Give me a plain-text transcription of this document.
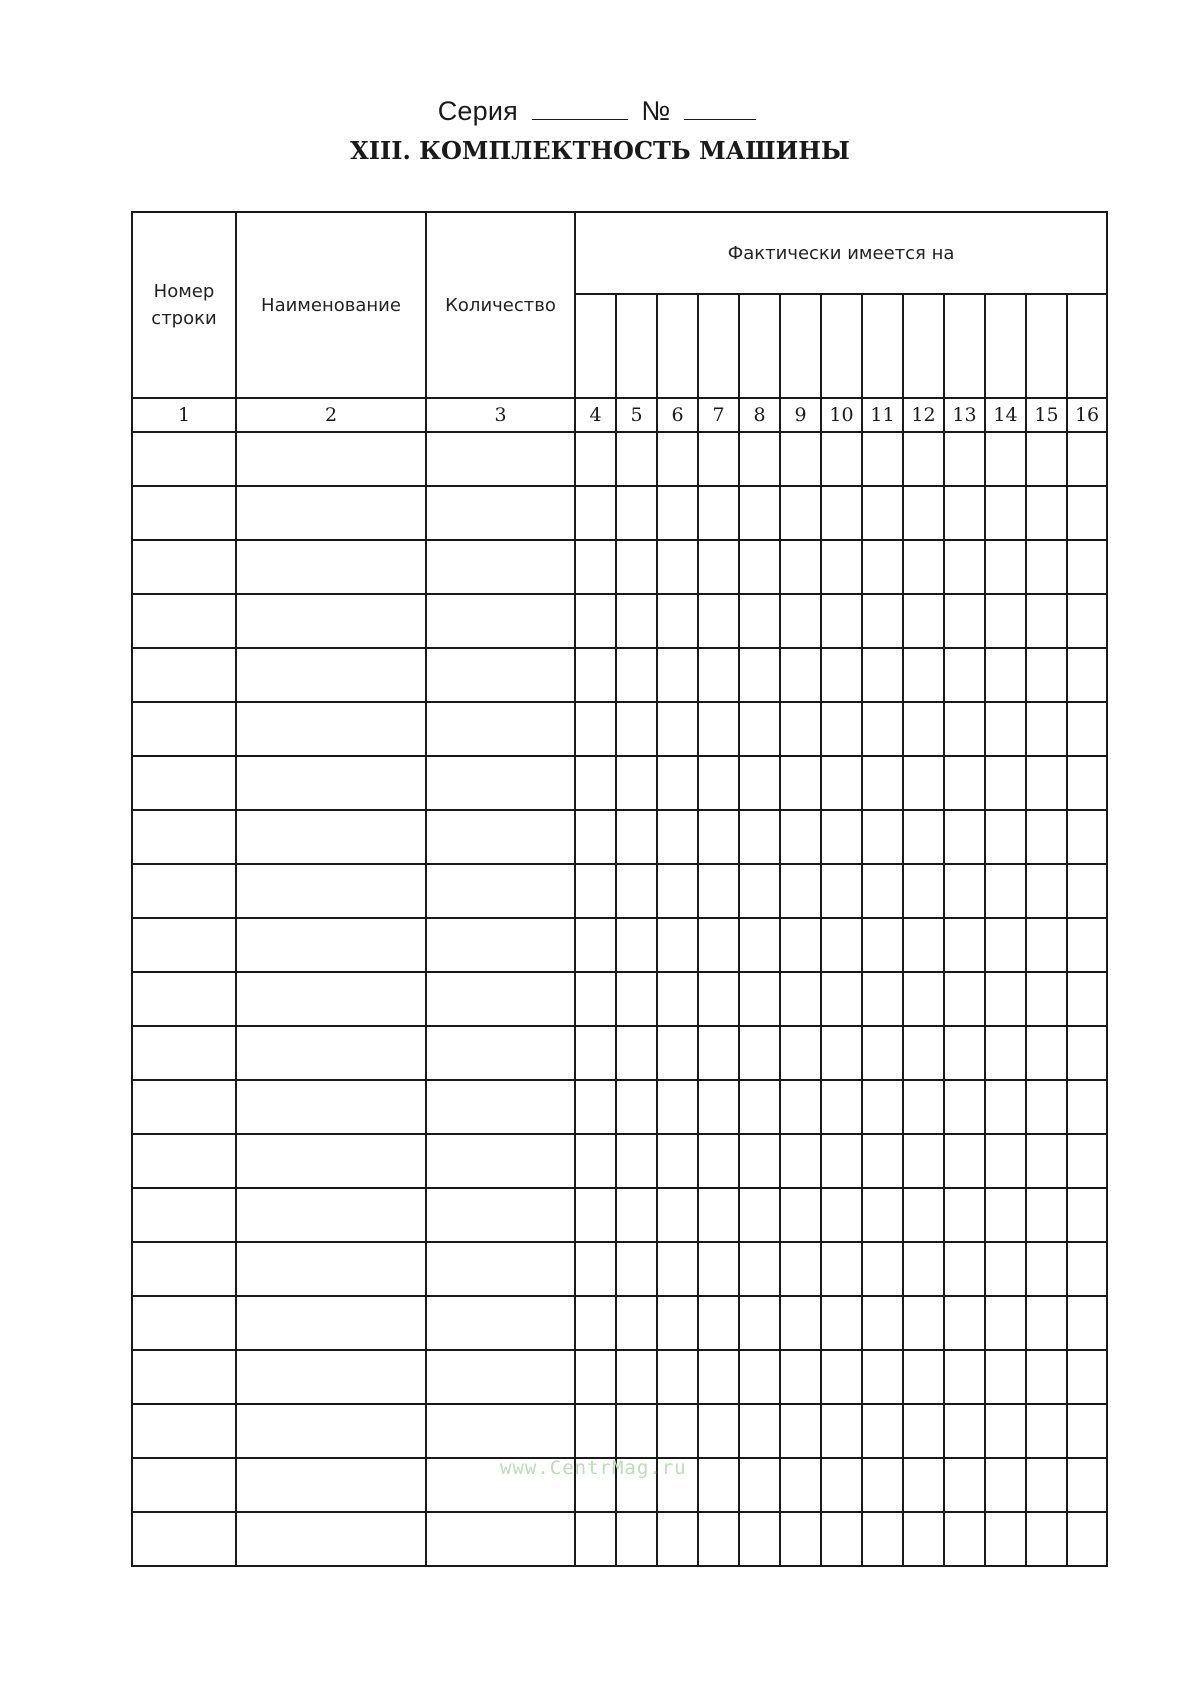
Серия	№
XIII. КОМПЛЕКТНОСТЬ МАШИНЫ
Номер строки	Наименование	Количество	Фактически имеется на												

1	2	3	4	5	6	7	8	9	10	11	12	13	14	15	16

www.CentrMag.ru
